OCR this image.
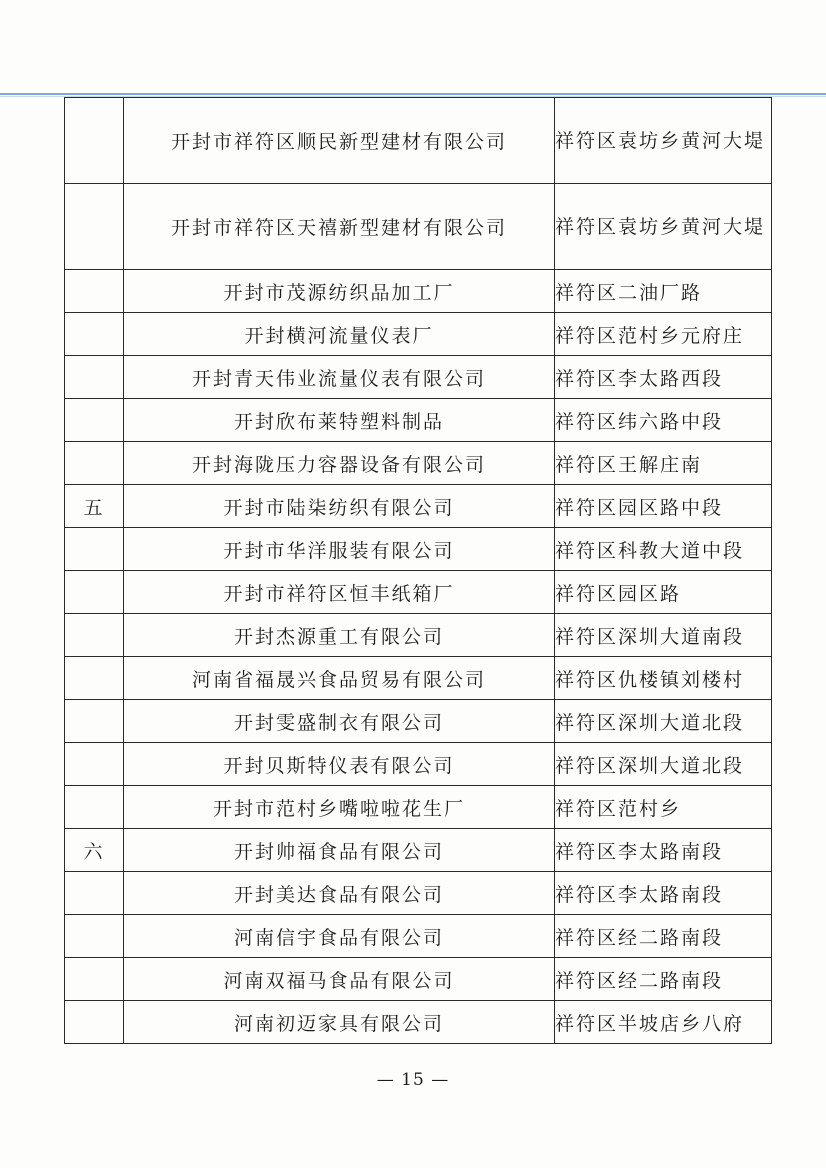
	开封市祥符区顺民新型建材有限公司	祥符区袁坊乡黄河大堤
	开封市祥符区天禧新型建材有限公司	祥符区袁坊乡黄河大堤
	开封市茂源纺织品加工厂	祥符区二油厂路
	开封横河流量仪表厂	祥符区范村乡元府庄
	开封青天伟业流量仪表有限公司	祥符区李太路西段
	开封欣布莱特塑料制品	祥符区纬六路中段
	开封海陇压力容器设备有限公司	祥符区王解庄南
五	开封市陆柒纺织有限公司	祥符区园区路中段
	开封市华洋服装有限公司	祥符区科教大道中段
	开封市祥符区恒丰纸箱厂	祥符区园区路
	开封杰源重工有限公司	祥符区深圳大道南段
	河南省福晟兴食品贸易有限公司	祥符区仇楼镇刘楼村
	开封雯盛制衣有限公司	祥符区深圳大道北段
	开封贝斯特仪表有限公司	祥符区深圳大道北段
	开封市范村乡嘴啦啦花生厂	祥符区范村乡
六	开封帅福食品有限公司	祥符区李太路南段
	开封美达食品有限公司	祥符区李太路南段
	河南信宇食品有限公司	祥符区经二路南段
	河南双福马食品有限公司	祥符区经二路南段
	河南初迈家具有限公司	祥符区半坡店乡八府
— 15 —
